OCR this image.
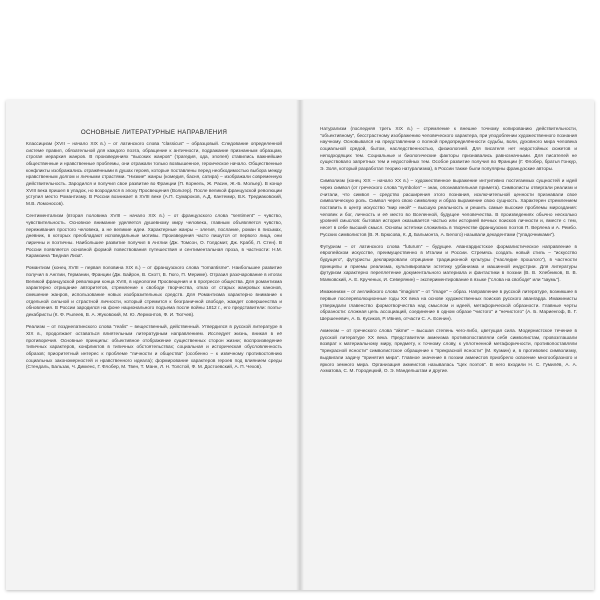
ОСНОВНЫЕ ЛИТЕРАТУРНЫЕ НАПРАВЛЕНИЯ

Классицизм (XVII – начало XIX в.) – от латинского слова "classicus" – образцовый. Следование определенной системе правил, обязательной для каждого поэта, обращение к античности, подражание признанным образцам, строгая иерархия жанров. В произведениях "высоких жанров" (трагедия, ода, эпопея) ставились важнейшие общественные и нравственные проблемы, они отражали только возвышенное, героическое начало. Общественные конфликты изображались отражёнными в душах героев, которые поставлены перед необходимостью выбора между нравственным долгом и личными страстями. "Низкие" жанры (комедия, басня, сатира) – изображали современную действительность. Зародился и получил свое развитие во Франции (П. Корнель, Ж. Расин, Ж.-Б. Мольер). В конце XVIII века пришел в упадок, но возродился в эпоху Просвещения (Вольтер). После великой французской революции уступил место Романтизму. В России возникает в XVIII веке (А.П. Сумароков, А.Д. Кантемир, В.К. Тредиаковский, М.В. Ломоносов).

Сентиментализм (вторая половина XVIII – начало XIX в.) – от французского слова "sentiment" – чувство, чувствительность. Основное внимание уделяется душевному миру человека, главным объявляется чувство, переживания простого человека, а не великие идеи. Характерные жанры – элегия, послание, роман в письмах, дневник, в которых преобладают исповедальные мотивы. Произведения часто пишутся от первого лица, они лиричны и поэтичны. Наибольшее развитие получил в Англии (Дж. Томсон, О. Голдсмит, Дж. Крабб, Л. Стен). В России появляется основной формой повествования путешествия и сентиментальная проза, в частности: Н.М. Карамзина "Бедная Лиза".

Романтизм (конец XVIII – первая половина XIX в.) – от французского слова "romantisme". Наибольшее развитие получил в Англии, Германии, Франции (Дж. Байрон, В. Скотт, В. Гюго, П. Мериме). Отразил разочарование в итогах Великой французской революции конца XVIII, в идеологии Просвещения и в прогрессе общества. Для романтизма характерно отрицание авторитетов, стремление к свободе творчества, отказ от старых жанровых канонов, смешение жанров, использование новых изобразительных средств. Для Романтизма характерно внимание к отдельной сильной и страстной личности, который стремится к безграничной свободе, жаждет совершенства и обновления. В России зародился на фоне национального подъема после войны 1812 г., его представители: поэты-декабристы (К. Ф. Рылеев, В. А. Жуковский, М. Ю. Лермонтов, Ф. И. Тютчев).

Реализм – от позднелатинского слова "realis" – вещественный, действенный. Утвердился в русской литературе в XIX в., продолжает оставаться влиятельным литературным направлением. Исследует жизнь, вникая в её противоречия. Основные принципы: объективное отображение существенных сторон жизни; воспроизведение типичных характеров, конфликтов в типичных обстоятельствах; социальная и историческая обусловленность образов; приоритетный интерес к проблеме "личности и общества" (особенно – к извечному противостоянию социальных закономерностей и нравственного идеала); формирование характеров героев под влиянием среды (Стендаль, Бальзак, Ч. Диккенс, Г. Флобер, М. Твен, Т. Манн, Л. Н. Толстой, Ф. М. Достоевский, А. П. Чехов).

Натурализм (последняя треть XIX в.) – стремление к внешне точному копированию действительности, "объективному", бесстрастному изображению человеческого характера, при уподоблении художественного познания научному. Основывался на представлении о полной предопределённости судьбы, воли, духовного мира человека социальной средой, бытом, наследственностью, физиологией. Для писателя нет недостойных сюжетов и неподходящих тем. Социальные и биологические факторы признавались равнозначными. Для писателей не существовало запретных тем и недостойных тем. Особое развитие получил во Франции (Г. Флобер, братья Гонкур, Э. Золя, который разработал теорию натурализма), в России также были популярны французские авторы.

Символизм (конец XIX – начало XX в.) – художественное выражение интуитивно постигаемых сущностей и идей через символ (от греческого слова "symbolon" – знак, опознавательная примета). Символисты отвергали реализм и считали, что символ – средство расширения этого познания, исключительной ценности признавали свое символическую роль. Символ через свою символику и образ выражение свою сущность. Характерен стремлением поставить в центр искусство "мир иной" – высшую реальность и решить самые высокие проблемы мироздания: человек и бог, личность и её место во Вселенной, будущее человечества. В произведениях обычно несколько уровней смыслов: бытовая история оказывается частью или историей вечных поисков личности и, вместе с тем, несет в себе высший смысл. Основы эстетики сложились в творчестве французских поэтов П. Верлена и А. Рембо. Русских символистов (В. Я. Брюсова, К. Д. Бальмонта, А. Белого) называли декадентами ("упадочниками").

Футуризм – от латинского слова "futurum" – будущее. Авангардистское формалистическое направление в европейском искусстве, преимущественно в Италии и России. Стремясь создать новый стиль – "искусство будущего", футуристы декларировали отрицание традиционной культуры ("наследие прошлого"), в частности принципы и приемы реализма, культивировали эстетику урбанизма и машинной индустрии. Для литературы футуризм характерно переплетение документального материала и фантастики в поэзии (В. В. Хлебников, В. В. Маяковский, А. Е. Крученых, И. Северянин) – экспериментирование в языке ("слова на свободе" или "заумь").

Имажинизм – от английского слова "imagism" – от "image" – образ. Направление в русской литературе, возникшее в первые послереволюционные годы XX века на основе художественных поисков русского авангарда. Имажинисты утверждали главенство формотворчества над смыслом и идеей, метафорической образности. Главные черты образности: сложная цепь ассоциаций, соединение в одном образе "чистого" и "нечистого" (А. Б. Мариенгоф, В. Г. Шершеневич, А. Б. Кусиков, Р. Ивнев, отчасти С. А. Есенин).

Акмеизм – от греческого слова "akme" – высшая степень чего-либо, цветущая сила. Модернистское течение в русской литературе XX века. Представители акмеизма противопоставляли себя символистам, провозглашали возврат к материальному миру, предмету, к точному слову, к уплотненной метафоричности, противопоставляли "прекрасной ясности" символистское обращение к "прекрасной ясности" (М. Кузмин) и, в противовес символизму, выдвигали задачу "принятия мира". Главное значение в поэзии акмеистов приобрело освоение многообразного и яркого земного мира. Организация акмеистов называлась "Цех поэтов". В него входили Н. С. Гумилёв, А. А. Ахматова, С. М. Городецкий, О. Э. Мандельштам и другие.
